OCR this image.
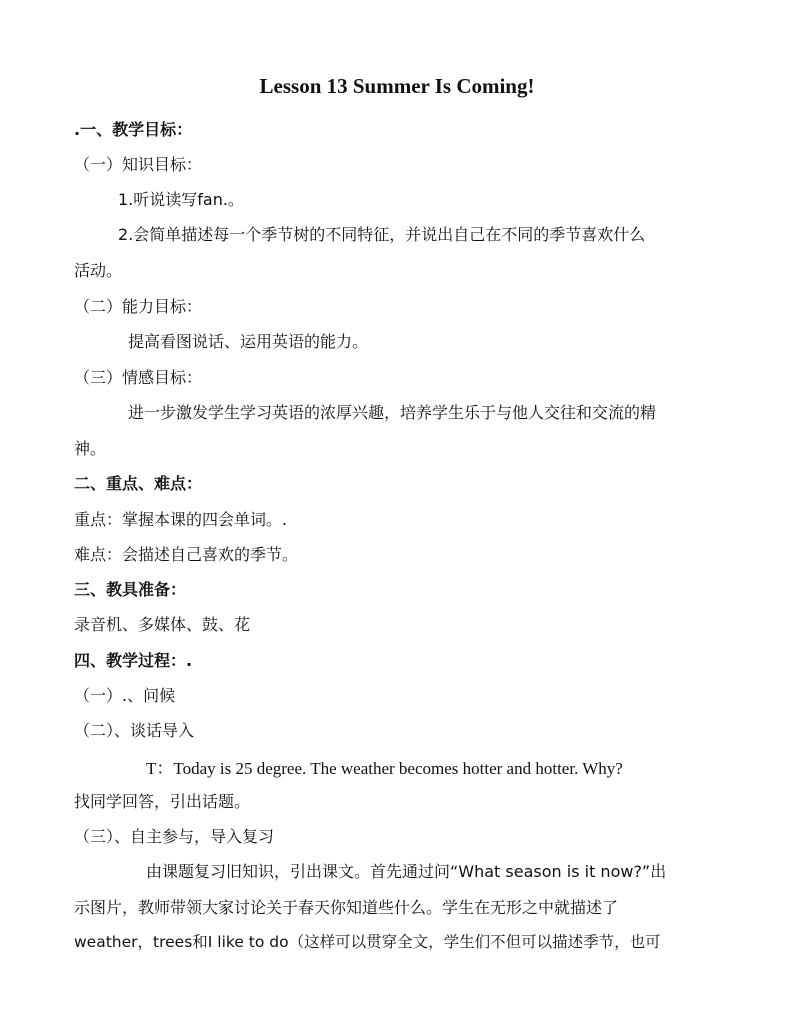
Lesson 13 Summer Is Coming!
.一、教学目标：
（一）知识目标：
1.听说读写fan.。
2.会简单描述每一个季节树的不同特征，并说出自己在不同的季节喜欢什么
活动。
（二）能力目标：
提高看图说话、运用英语的能力。
（三）情感目标：
进一步激发学生学习英语的浓厚兴趣，培养学生乐于与他人交往和交流的精
神。
二、重点、难点：
重点：掌握本课的四会单词。.
难点：会描述自己喜欢的季节。
三、教具准备：
录音机、多媒体、鼓、花
四、教学过程：.
（一）.、问候
（二）、谈话导入
T：Today is 25 degree. The weather becomes hotter and hotter. Why?
找同学回答，引出话题。
（三）、自主参与，导入复习
由课题复习旧知识，引出课文。首先通过问“What season is it now?”出
示图片，教师带领大家讨论关于春天你知道些什么。学生在无形之中就描述了
weather，trees和I like to do（这样可以贯穿全文，学生们不但可以描述季节，也可
